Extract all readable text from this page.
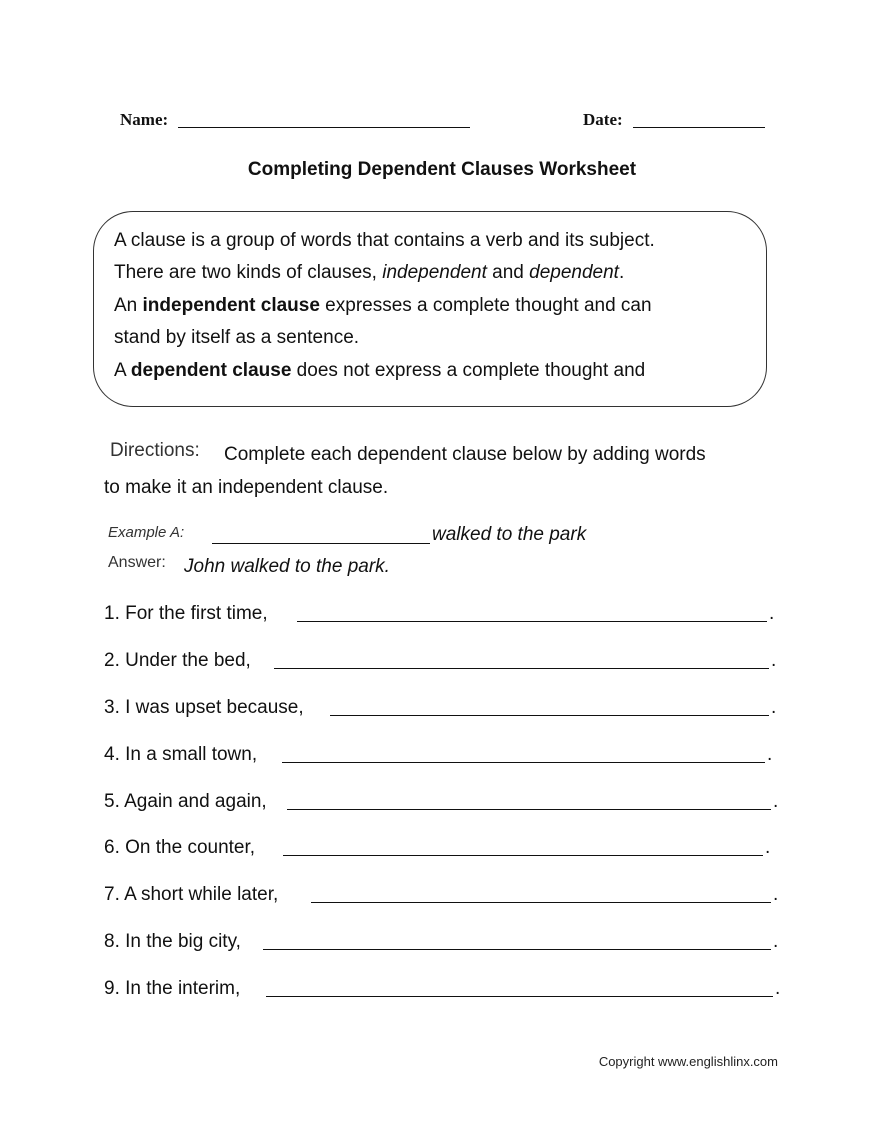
Name:	Date:
Completing Dependent Clauses Worksheet
A clause is a group of words that contains a verb and its subject.
There are two kinds of clauses, independent and dependent.
An independent clause expresses a complete thought and can
stand by itself as a sentence.
A dependent clause does not express a complete thought and
Directions: Complete each dependent clause below by adding words
to make it an independent clause.
Example A:	walked to the park
Answer: John walked to the park.
1. For the first time,	.
2. Under the bed,	.
3. I was upset because,	.
4. In a small town,	.
5. Again and again,	.
6. On the counter,	.
7. A short while later,	.
8. In the big city,	.
9. In the interim,	.
Copyright www.englishlinx.com
